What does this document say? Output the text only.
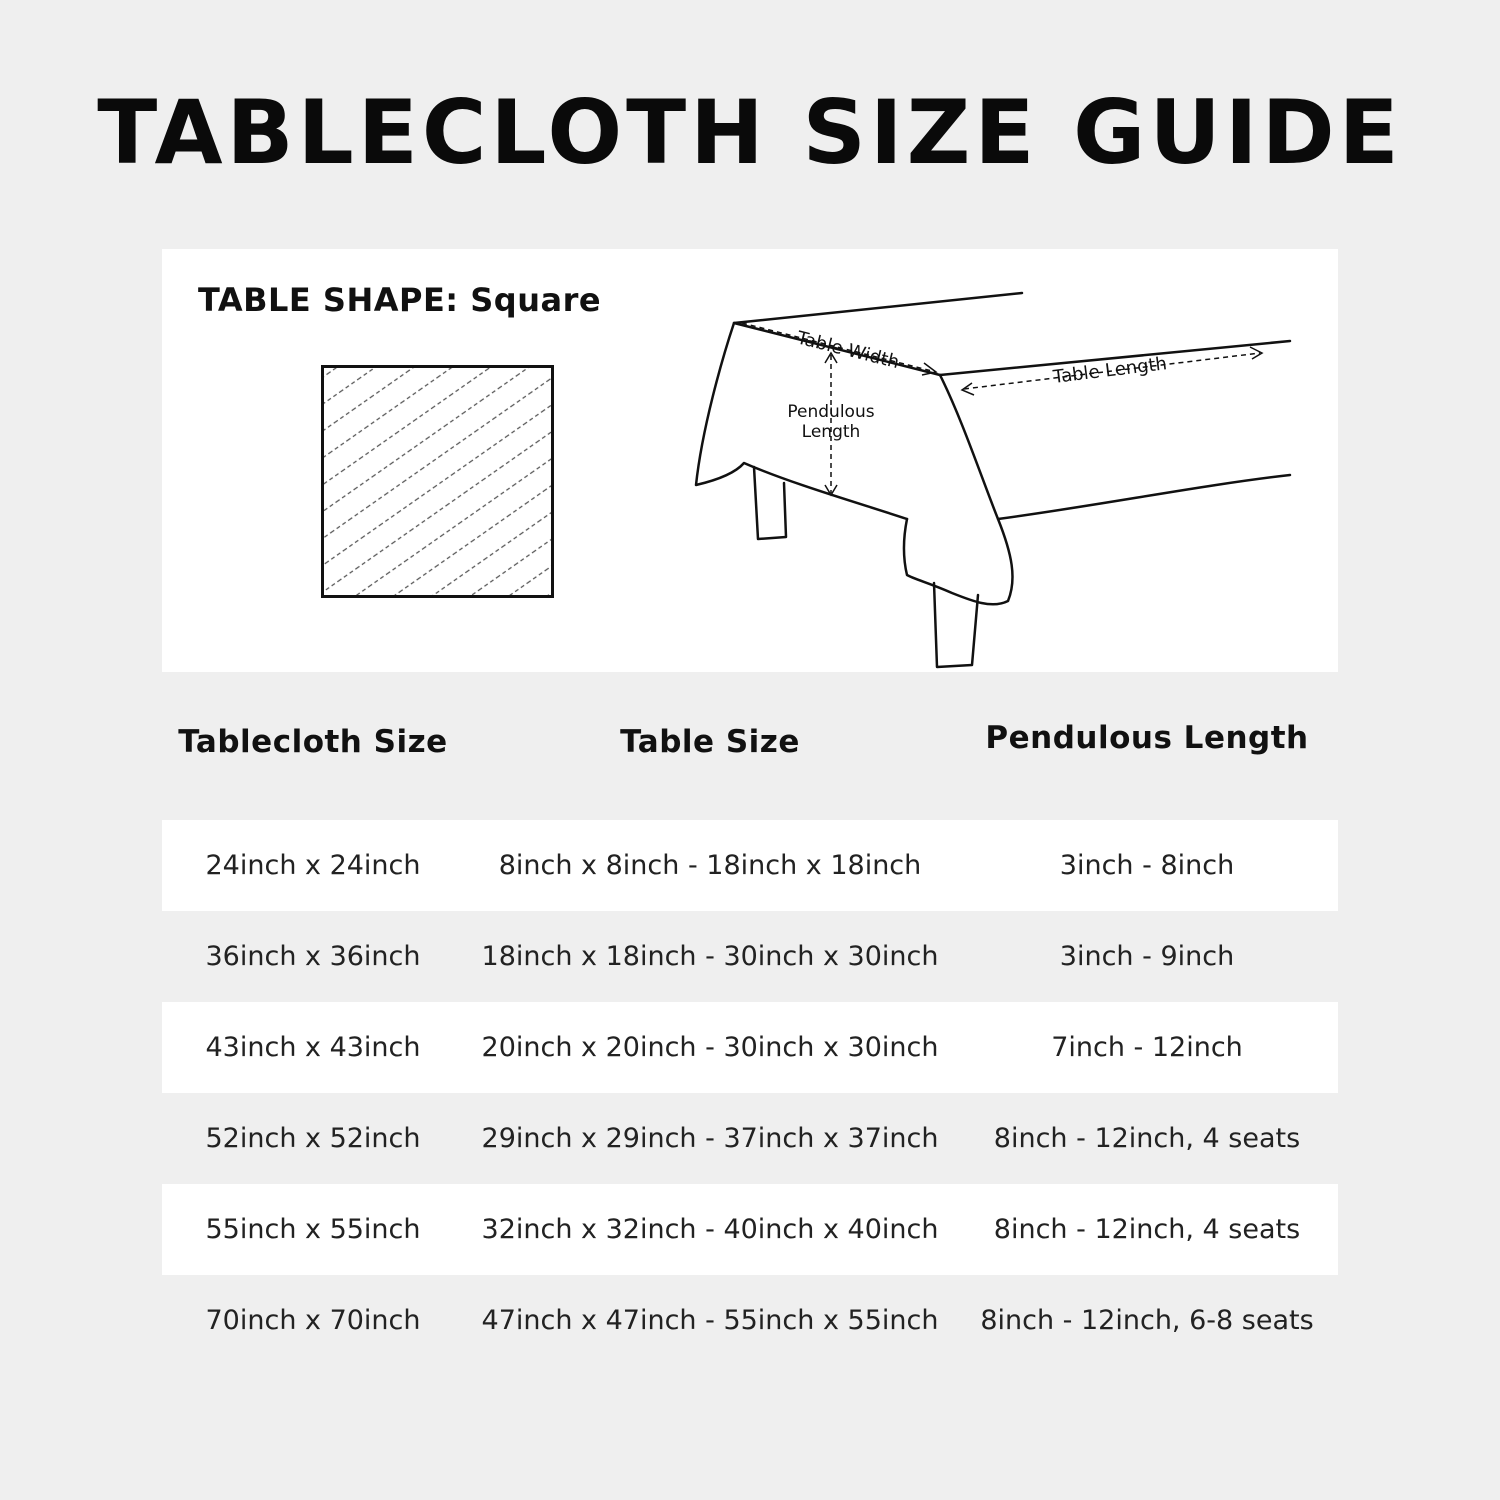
TABLECLOTH SIZE GUIDE
TABLE SHAPE: Square
Table Width	Table Length
Pendulous
Length
Tablecloth Size	Table Size	Pendulous Length
24inch x 24inch	8inch x 8inch - 18inch x 18inch	3inch - 8inch
36inch x 36inch	18inch x 18inch - 30inch x 30inch	3inch - 9inch
43inch x 43inch	20inch x 20inch - 30inch x 30inch	7inch - 12inch
52inch x 52inch	29inch x 29inch - 37inch x 37inch	8inch - 12inch, 4 seats
55inch x 55inch	32inch x 32inch - 40inch x 40inch	8inch - 12inch, 4 seats
70inch x 70inch	47inch x 47inch - 55inch x 55inch	8inch - 12inch, 6-8 seats
